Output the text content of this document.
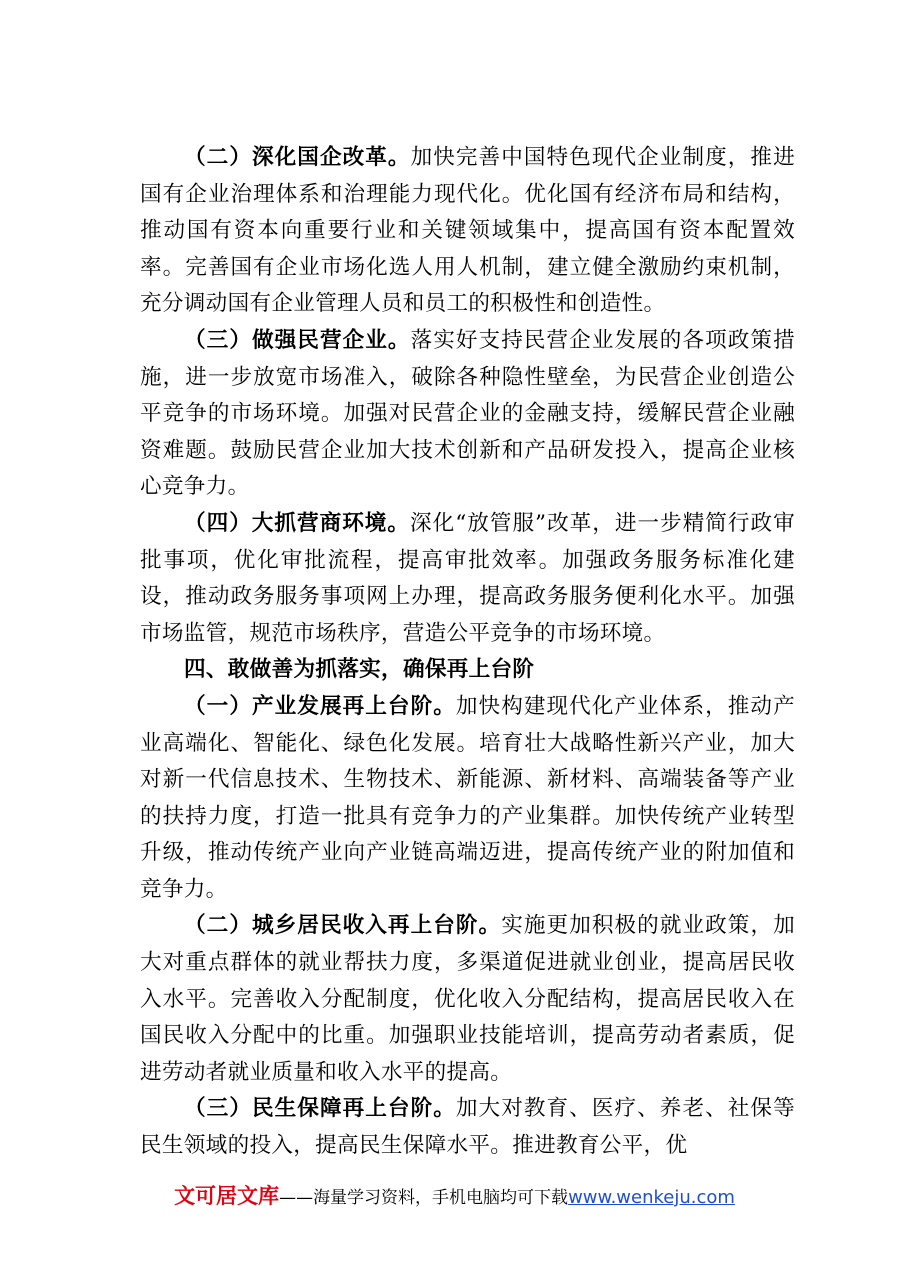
（二）深化国企改革。加快完善中国特色现代企业制度，推进国有企业治理体系和治理能力现代化。优化国有经济布局和结构，推动国有资本向重要行业和关键领域集中，提高国有资本配置效率。完善国有企业市场化选人用人机制，建立健全激励约束机制，充分调动国有企业管理人员和员工的积极性和创造性。

（三）做强民营企业。落实好支持民营企业发展的各项政策措施，进一步放宽市场准入，破除各种隐性壁垒，为民营企业创造公平竞争的市场环境。加强对民营企业的金融支持，缓解民营企业融资难题。鼓励民营企业加大技术创新和产品研发投入，提高企业核心竞争力。

（四）大抓营商环境。深化“放管服”改革，进一步精简行政审批事项，优化审批流程，提高审批效率。加强政务服务标准化建设，推动政务服务事项网上办理，提高政务服务便利化水平。加强市场监管，规范市场秩序，营造公平竞争的市场环境。

四、敢做善为抓落实，确保再上台阶

（一）产业发展再上台阶。加快构建现代化产业体系，推动产业高端化、智能化、绿色化发展。培育壮大战略性新兴产业，加大对新一代信息技术、生物技术、新能源、新材料、高端装备等产业的扶持力度，打造一批具有竞争力的产业集群。加快传统产业转型升级，推动传统产业向产业链高端迈进，提高传统产业的附加值和竞争力。

（二）城乡居民收入再上台阶。实施更加积极的就业政策，加大对重点群体的就业帮扶力度，多渠道促进就业创业，提高居民收入水平。完善收入分配制度，优化收入分配结构，提高居民收入在国民收入分配中的比重。加强职业技能培训，提高劳动者素质，促进劳动者就业质量和收入水平的提高。

（三）民生保障再上台阶。加大对教育、医疗、养老、社保等民生领域的投入，提高民生保障水平。推进教育公平，优

文可居文库——海量学习资料，手机电脑均可下载www.wenkeju.com
